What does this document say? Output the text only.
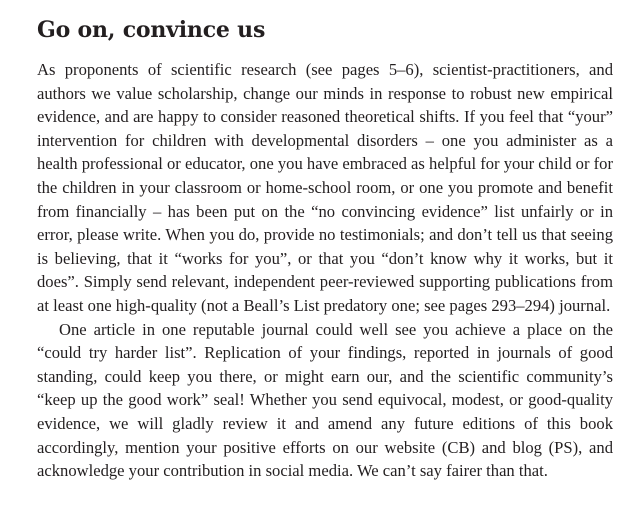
Go on, convince us

As proponents of scientific research (see pages 5–6), scientist-practitioners, and authors we value scholarship, change our minds in response to robust new empirical evidence, and are happy to consider reasoned theoretical shifts. If you feel that “your” intervention for children with developmental disorders – one you administer as a health professional or educator, one you have embraced as helpful for your child or for the children in your classroom or home-school room, or one you promote and benefit from financially – has been put on the “no convincing evidence” list unfairly or in error, please write. When you do, provide no testimonials; and don’t tell us that seeing is believing, that it “works for you”, or that you “don’t know why it works, but it does”. Simply send relevant, independent peer-reviewed supporting publications from at least one high-quality (not a Beall’s List predatory one; see pages 293–294) journal.

One article in one reputable journal could well see you achieve a place on the “could try harder list”. Replication of your findings, reported in journals of good standing, could keep you there, or might earn our, and the scientific community’s “keep up the good work” seal! Whether you send equivocal, modest, or good-quality evidence, we will gladly review it and amend any future editions of this book accordingly, mention your positive efforts on our website (CB) and blog (PS), and acknowledge your contribution in social media. We can’t say fairer than that.
